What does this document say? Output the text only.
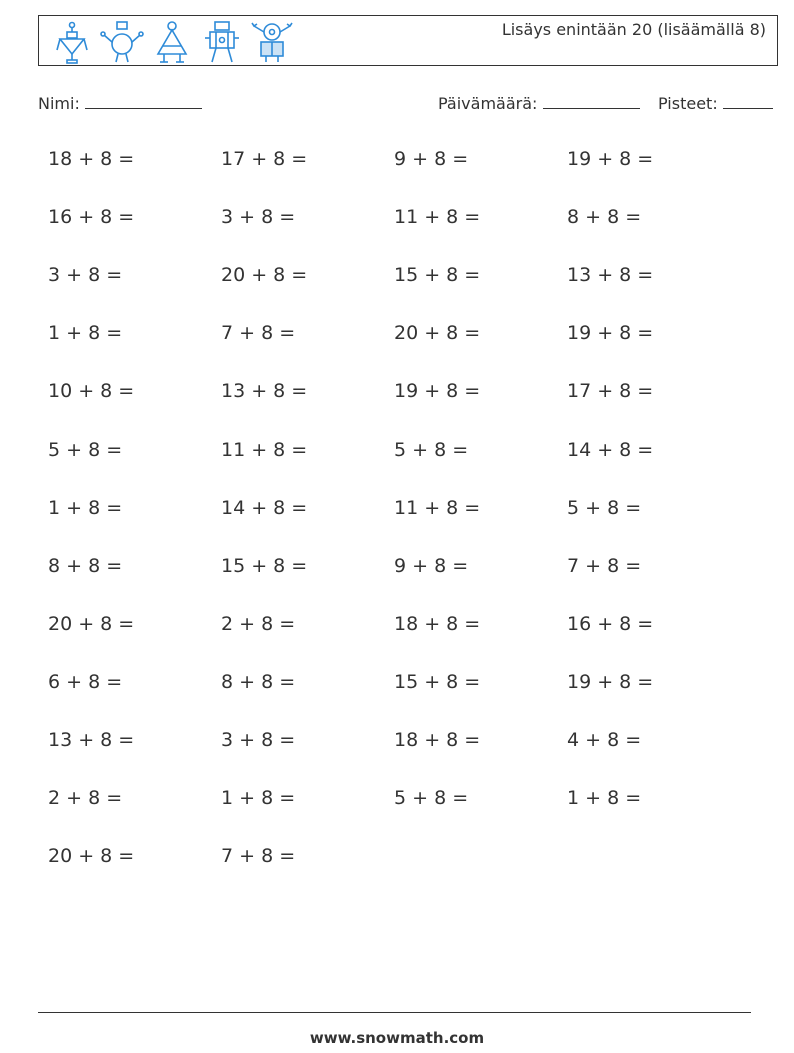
Lisäys enintään 20 (lisäämällä 8)
Nimi:	Päivämäärä:	Pisteet:
18 + 8 =	17 + 8 =	9 + 8 =	19 + 8 =
16 + 8 =	3 + 8 =	11 + 8 =	8 + 8 =
3 + 8 =	20 + 8 =	15 + 8 =	13 + 8 =
1 + 8 =	7 + 8 =	20 + 8 =	19 + 8 =
10 + 8 =	13 + 8 =	19 + 8 =	17 + 8 =
5 + 8 =	11 + 8 =	5 + 8 =	14 + 8 =
1 + 8 =	14 + 8 =	11 + 8 =	5 + 8 =
8 + 8 =	15 + 8 =	9 + 8 =	7 + 8 =
20 + 8 =	2 + 8 =	18 + 8 =	16 + 8 =
6 + 8 =	8 + 8 =	15 + 8 =	19 + 8 =
13 + 8 =	3 + 8 =	18 + 8 =	4 + 8 =
2 + 8 =	1 + 8 =	5 + 8 =	1 + 8 =
20 + 8 =	7 + 8 =
www.snowmath.com
